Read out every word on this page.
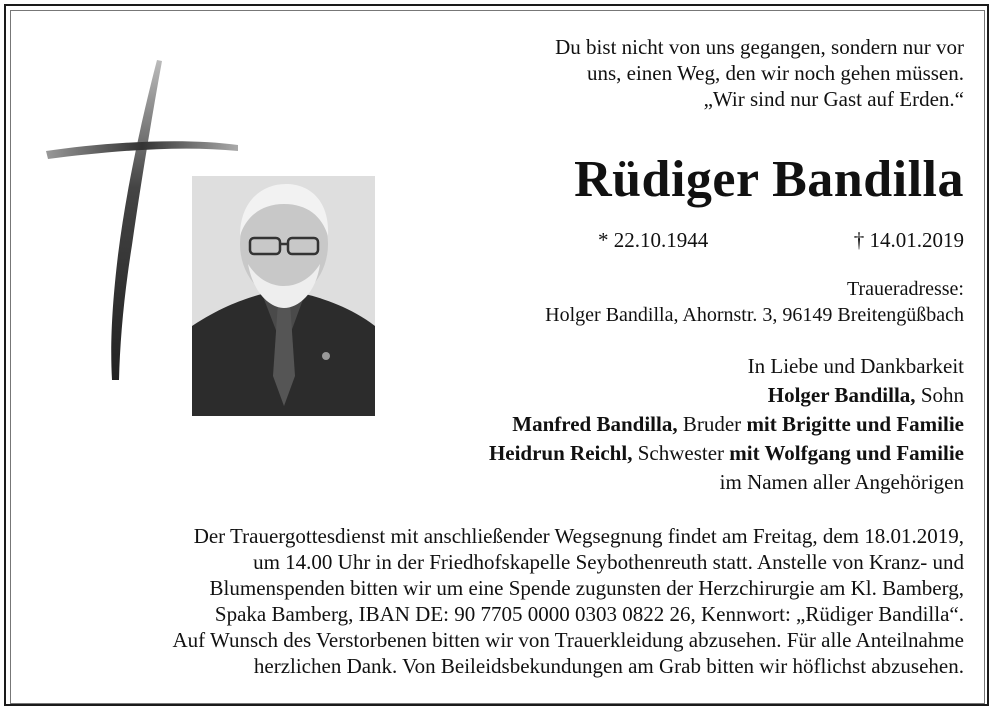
Du bist nicht von uns gegangen, sondern nur vor
uns, einen Weg, den wir noch gehen müssen.
„Wir sind nur Gast auf Erden.“
Rüdiger Bandilla
* 22.10.1944	† 14.01.2019
Traueradresse:
Holger Bandilla, Ahornstr. 3, 96149 Breitengüßbach
In Liebe und Dankbarkeit
Holger Bandilla, Sohn
Manfred Bandilla, Bruder mit Brigitte und Familie
Heidrun Reichl, Schwester mit Wolfgang und Familie
im Namen aller Angehörigen
Der Trauergottesdienst mit anschließender Wegsegnung findet am Freitag, dem 18.01.2019,
um 14.00 Uhr in der Friedhofskapelle Seybothenreuth statt. Anstelle von Kranz- und
Blumenspenden bitten wir um eine Spende zugunsten der Herzchirurgie am Kl. Bamberg,
Spaka Bamberg, IBAN DE: 90 7705 0000 0303 0822 26, Kennwort: „Rüdiger Bandilla“.
Auf Wunsch des Verstorbenen bitten wir von Trauerkleidung abzusehen. Für alle Anteilnahme
herzlichen Dank. Von Beileidsbekundungen am Grab bitten wir höflichst abzusehen.
